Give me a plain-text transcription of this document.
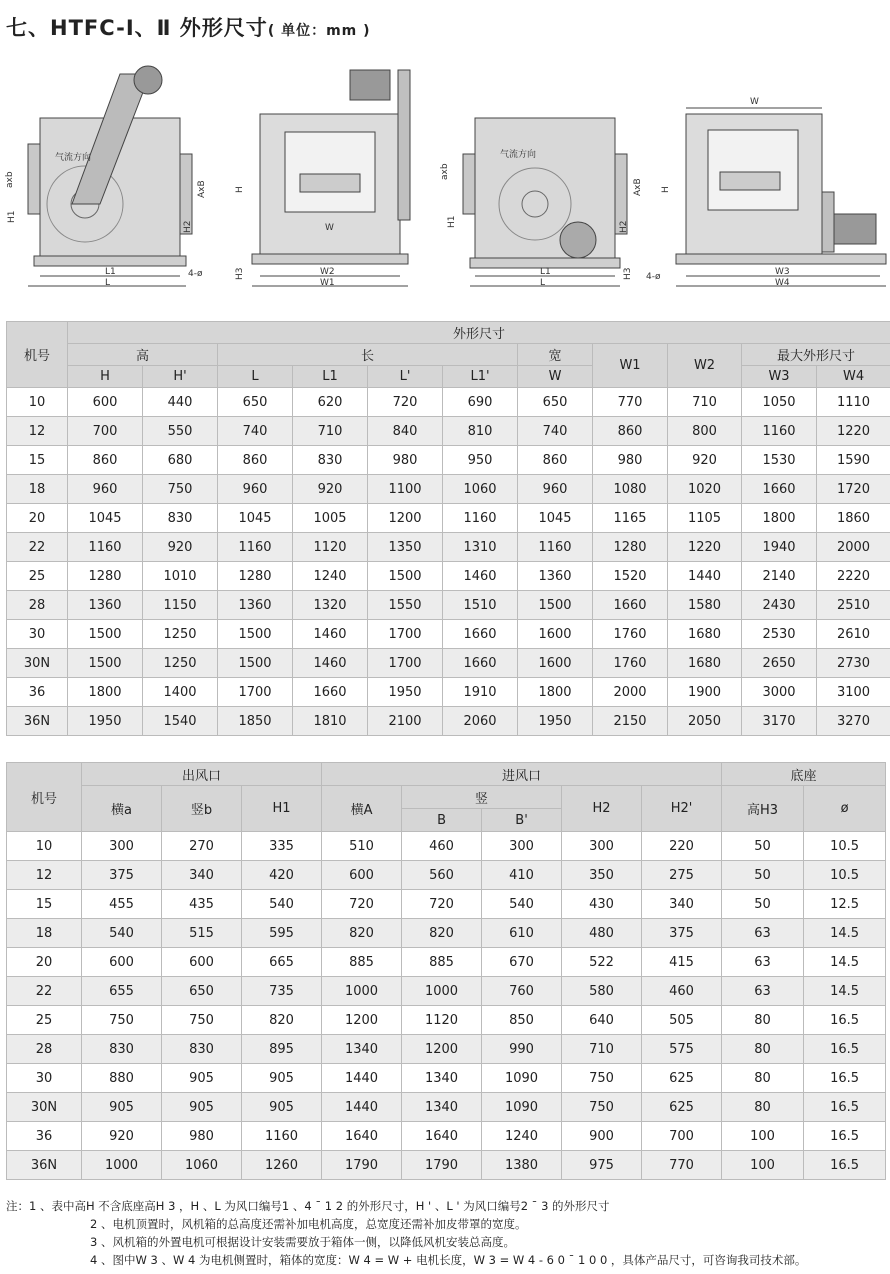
七、HTFC-Ⅰ、Ⅱ 外形尺寸( 单位：mm )
气流方向
axb
H1
AxB
H2
L1
L
4-ø
H
W
H3	W2
W1
气流方向
axb
H1
AxB
H2
L1
L
H3
W
H
4-ø	W3
W4
机号	外形尺寸										
	高		长				宽	W1	W2	最大外形尺寸	
	H	H'	L	L1	L'	L1'	W			W3	W4
10	600	440	650	620	720	690	650	770	710	1050	1110
12	700	550	740	710	840	810	740	860	800	1160	1220
15	860	680	860	830	980	950	860	980	920	1530	1590
18	960	750	960	920	1100	1060	960	1080	1020	1660	1720
20	1045	830	1045	1005	1200	1160	1045	1165	1105	1800	1860
22	1160	920	1160	1120	1350	1310	1160	1280	1220	1940	2000
25	1280	1010	1280	1240	1500	1460	1360	1520	1440	2140	2220
28	1360	1150	1360	1320	1550	1510	1500	1660	1580	2430	2510
30	1500	1250	1500	1460	1700	1660	1600	1760	1680	2530	2610
30N	1500	1250	1500	1460	1700	1660	1600	1760	1680	2650	2730
36	1800	1400	1700	1660	1950	1910	1800	2000	1900	3000	3100
36N	1950	1540	1850	1810	2100	2060	1950	2150	2050	3170	3270
机号	出风口			进风口					底座	
	横a	竖b	H1	横A	竖		H2	H2'	高H3	ø
					B	B'				
10	300	270	335	510	460	300	300	220	50	10.5
12	375	340	420	600	560	410	350	275	50	10.5
15	455	435	540	720	720	540	430	340	50	12.5
18	540	515	595	820	820	610	480	375	63	14.5
20	600	600	665	885	885	670	522	415	63	14.5
22	655	650	735	1000	1000	760	580	460	63	14.5
25	750	750	820	1200	1120	850	640	505	80	16.5
28	830	830	895	1340	1200	990	710	575	80	16.5
30	880	905	905	1440	1340	1090	750	625	80	16.5
30N	905	905	905	1440	1340	1090	750	625	80	16.5
36	920	980	1160	1640	1640	1240	900	700	100	16.5
36N	1000	1060	1260	1790	1790	1380	975	770	100	16.5
注：1 、表中高H 不含底座高H 3 ，H 、L 为风口编号1 、4 ¯ 1 2 的外形尺寸，H ' 、L ' 为风口编号2 ¯ 3 的外形尺寸
2 、电机顶置时，风机箱的总高度还需补加电机高度，总宽度还需补加皮带罩的宽度。
3 、风机箱的外置电机可根据设计安装需要放于箱体一侧，以降低风机安装总高度。
4 、图中W 3 、W 4 为电机侧置时，箱体的宽度：W 4 = W + 电机长度，W 3 = W 4 - 6 0 ¯ 1 0 0 ，具体产品尺寸，可咨询我司技术部。
